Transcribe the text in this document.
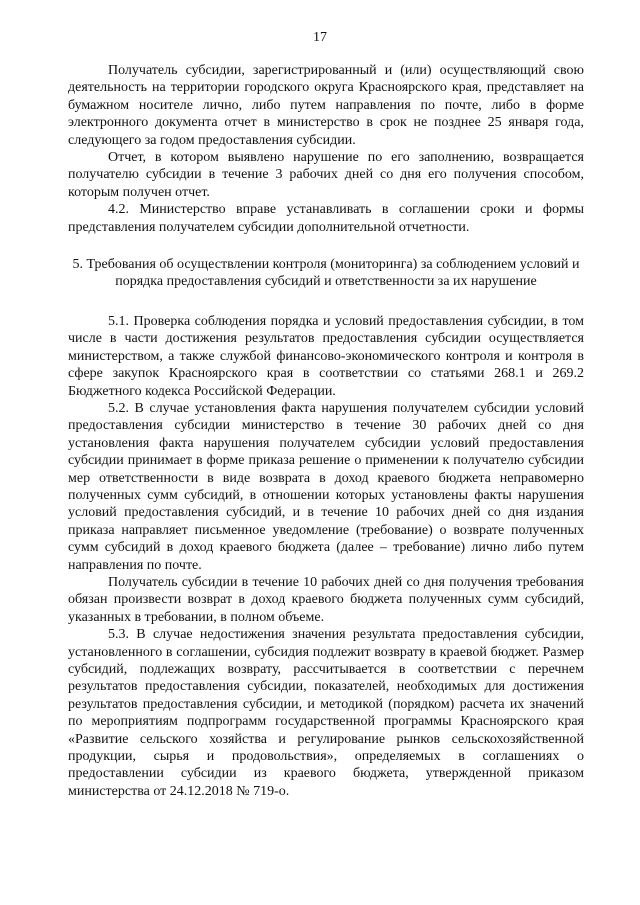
17

Получатель субсидии, зарегистрированный и (или) осуществляющий свою деятельность на территории городского округа Красноярского края, представляет на бумажном носителе лично, либо путем направления по почте, либо в форме электронного документа отчет в министерство в срок не позднее 25 января года, следующего за годом предоставления субсидии.

Отчет, в котором выявлено нарушение по его заполнению, возвращается получателю субсидии в течение 3 рабочих дней со дня его получения способом, которым получен отчет.

4.2. Министерство вправе устанавливать в соглашении сроки и формы представления получателем субсидии дополнительной отчетности.

5. Требования об осуществлении контроля (мониторинга) за соблюдением условий и порядка предоставления субсидий и ответственности за их нарушение

5.1. Проверка соблюдения порядка и условий предоставления субсидии, в том числе в части достижения результатов предоставления субсидии осуществляется министерством, а также службой финансово-экономического контроля и контроля в сфере закупок Красноярского края в соответствии со статьями 268.1 и 269.2 Бюджетного кодекса Российской Федерации.

5.2. В случае установления факта нарушения получателем субсидии условий предоставления субсидии министерство в течение 30 рабочих дней со дня установления факта нарушения получателем субсидии условий предоставления субсидии принимает в форме приказа решение о применении к получателю субсидии мер ответственности в виде возврата в доход краевого бюджета неправомерно полученных сумм субсидий, в отношении которых установлены факты нарушения условий предоставления субсидий, и в течение 10 рабочих дней со дня издания приказа направляет письменное уведомление (требование) о возврате полученных сумм субсидий в доход краевого бюджета (далее – требование) лично либо путем направления по почте.

Получатель субсидии в течение 10 рабочих дней со дня получения требования обязан произвести возврат в доход краевого бюджета полученных сумм субсидий, указанных в требовании, в полном объеме.

5.3. В случае недостижения значения результата предоставления субсидии, установленного в соглашении, субсидия подлежит возврату в краевой бюджет. Размер субсидий, подлежащих возврату, рассчитывается в соответствии с перечнем результатов предоставления субсидии, показателей, необходимых для достижения результатов предоставления субсидии, и методикой (порядком) расчета их значений по мероприятиям подпрограмм государственной программы Красноярского края «Развитие сельского хозяйства и регулирование рынков сельскохозяйственной продукции, сырья и продовольствия», определяемых в соглашениях о предоставлении субсидии из краевого бюджета, утвержденной приказом министерства от 24.12.2018 № 719-о.
